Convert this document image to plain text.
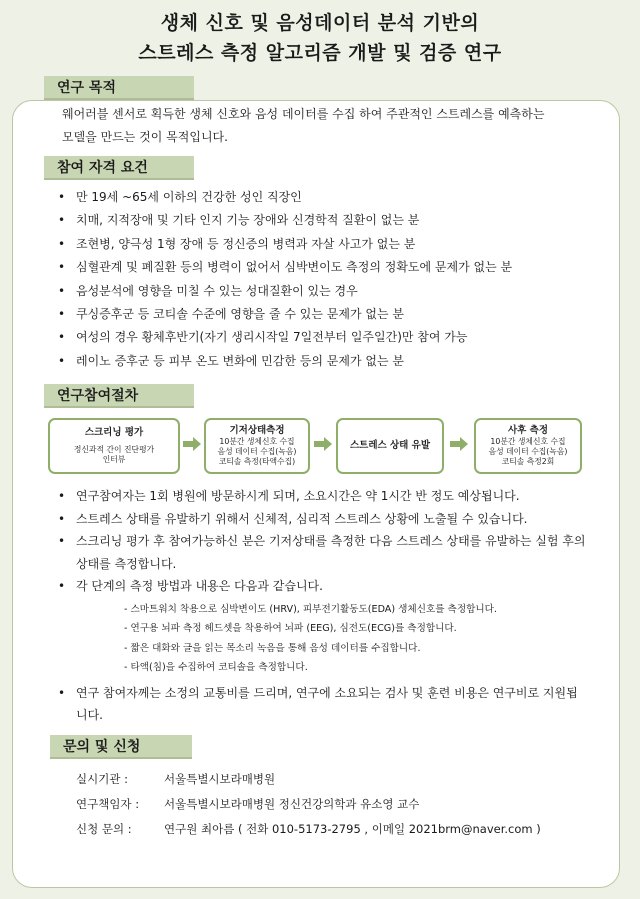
생체 신호 및 음성데이터 분석 기반의
스트레스 측정 알고리즘 개발 및 검증 연구
연구 목적
웨어러블 센서로 획득한 생체 신호와 음성 데이터를 수집 하여 주관적인 스트레스를 예측하는
모델을 만드는 것이 목적입니다.
참여 자격 요건
• 만 19세 ~65세 이하의 건강한 성인 직장인
• 치매, 지적장애 및 기타 인지 기능 장애와 신경학적 질환이 없는 분
• 조현병, 양극성 1형 장애 등 정신증의 병력과 자살 사고가 없는 분
• 심혈관계 및 폐질환 등의 병력이 없어서 심박변이도 측정의 정확도에 문제가 없는 분
• 음성분석에 영향을 미칠 수 있는 성대질환이 있는 경우
• 쿠싱증후군 등 코티솔 수준에 영향을 줄 수 있는 문제가 없는 분
• 여성의 경우 황체후반기(자기 생리시작일 7일전부터 일주일간)만 참여 가능
• 레이노 증후군 등 피부 온도 변화에 민감한 등의 문제가 없는 분
연구참여절차
스크리닝 평가
정신과적 간이 진단평가
인터뷰
기저상태측정
10분간 생체신호 수집
음성 데이터 수집(녹음)
코티솔 측정(타액수집)
스트레스 상태 유발
사후 측정
10분간 생체신호 수집
음성 데이터 수집(녹음)
코티솔 측정2회
• 연구참여자는 1회 병원에 방문하시게 되며, 소요시간은 약 1시간 반 정도 예상됩니다.
• 스트레스 상태를 유발하기 위해서 신체적, 심리적 스트레스 상황에 노출될 수 있습니다.
• 스크리닝 평가 후 참여가능하신 분은 기저상태를 측정한 다음 스트레스 상태를 유발하는 실험 후의 상태를 측정합니다.
• 각 단계의 측정 방법과 내용은 다음과 같습니다.
- 스마트워치 착용으로 심박변이도 (HRV), 피부전기활동도(EDA) 생체신호를 측정합니다.
- 연구용 뇌파 측정 헤드셋을 착용하여 뇌파 (EEG), 심전도(ECG)를 측정합니다.
- 짧은 대화와 글을 읽는 목소리 녹음을 통해 음성 데이터를 수집합니다.
- 타액(침)을 수집하여 코티솔을 측정합니다.
• 연구 참여자께는 소정의 교통비를 드리며, 연구에 소요되는 검사 및 훈련 비용은 연구비로 지원됩니다.
문의 및 신청
실시기관 :	서울특별시보라매병원
연구책임자 : 서울특별시보라매병원 정신건강의학과 유소영 교수
신청 문의 :	연구원 최아름 ( 전화 010-5173-2795 , 이메일 2021brm@naver.com )
